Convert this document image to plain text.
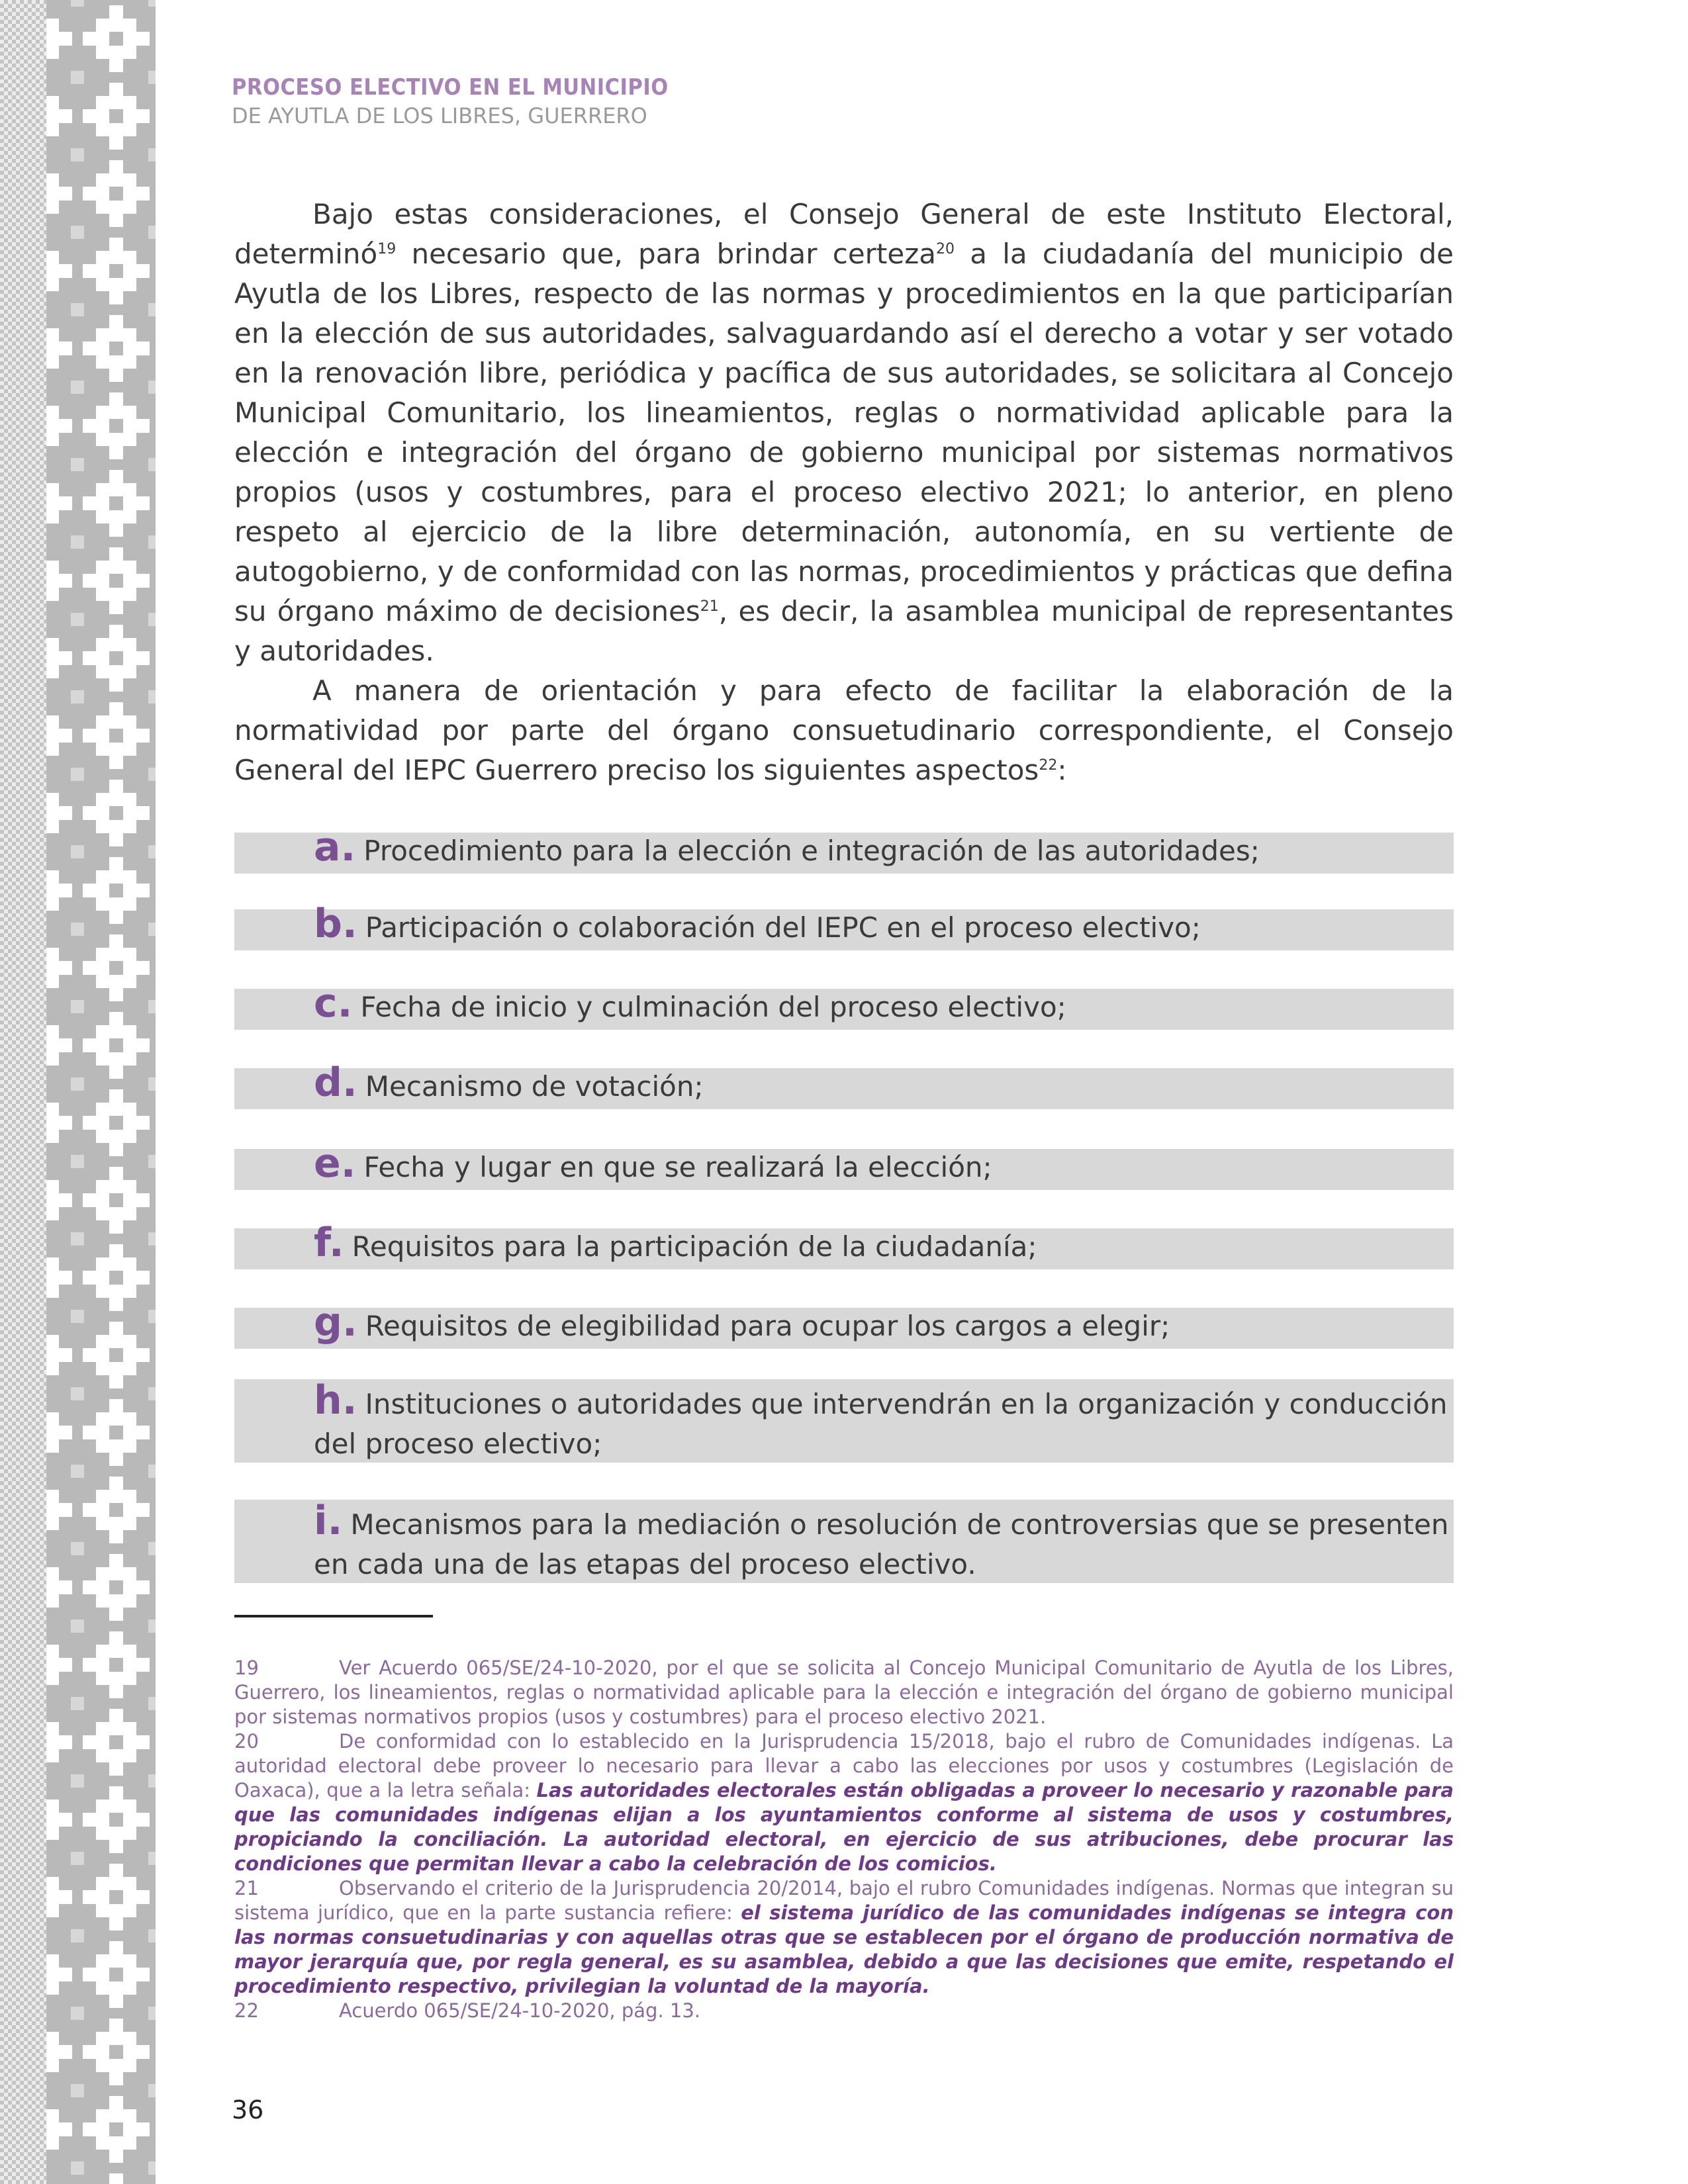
PROCESO ELECTIVO EN EL MUNICIPIO
DE AYUTLA DE LOS LIBRES, GUERRERO
Bajo estas consideraciones, el Consejo General de este Instituto Electoral, determinó$^{19}$ necesario que, para brindar certeza$^{20}$ a la ciudadanía del municipio de Ayutla de los Libres, respecto de las normas y procedimientos en la que participarían en la elección de sus autoridades, salvaguardando así el derecho a votar y ser votado en la renovación libre, periódica y pacífica de sus autoridades, se solicitara al Concejo Municipal Comunitario, los lineamientos, reglas o normatividad aplicable para la elección e integración del órgano de gobierno municipal por sistemas normativos propios (usos y costumbres, para el proceso electivo 2021; lo anterior, en pleno respeto al ejercicio de la libre determinación, autonomía, en su vertiente de autogobierno, y de conformidad con las normas, procedimientos y prácticas que defina su órgano máximo de decisiones$^{21}$, es decir, la asamblea municipal de representantes y autoridades.
A manera de orientación y para efecto de facilitar la elaboración de la normatividad por parte del órgano consuetudinario correspondiente, el Consejo General del IEPC Guerrero preciso los siguientes aspectos$^{22}$:
a. Procedimiento para la elección e integración de las autoridades;
b. Participación o colaboración del IEPC en el proceso electivo;
c. Fecha de inicio y culminación del proceso electivo;
d. Mecanismo de votación;
e. Fecha y lugar en que se realizará la elección;
f. Requisitos para la participación de la ciudadanía;
g. Requisitos de elegibilidad para ocupar los cargos a elegir;
h. Instituciones o autoridades que intervendrán en la organización y conducción
del proceso electivo;
i. Mecanismos para la mediación o resolución de controversias que se presenten
en cada una de las etapas del proceso electivo.

19	Ver Acuerdo 065/SE/24-10-2020, por el que se solicita al Concejo Municipal Comunitario de Ayutla de los Libres, Guerrero, los lineamientos, reglas o normatividad aplicable para la elección e integración del órgano de gobierno municipal por sistemas normativos propios (usos y costumbres) para el proceso electivo 2021.

20	De conformidad con lo establecido en la Jurisprudencia 15/2018, bajo el rubro de Comunidades indígenas. La autoridad electoral debe proveer lo necesario para llevar a cabo las elecciones por usos y costumbres (Legislación de Oaxaca), que a la letra señala: Las autoridades electorales están obligadas a proveer lo necesario y razonable para que las comunidades indígenas elijan a los ayuntamientos conforme al sistema de usos y costumbres, propiciando la conciliación. La autoridad electoral, en ejercicio de sus atribuciones, debe procurar las condiciones que permitan llevar a cabo la celebración de los comicios.

21	Observando el criterio de la Jurisprudencia 20/2014, bajo el rubro Comunidades indígenas. Normas que integran su sistema jurídico, que en la parte sustancia refiere: el sistema jurídico de las comunidades indígenas se integra con las normas consuetudinarias y con aquellas otras que se establecen por el órgano de producción normativa de mayor jerarquía que, por regla general, es su asamblea, debido a que las decisiones que emite, respetando el procedimiento respectivo, privilegian la voluntad de la mayoría.

22	Acuerdo 065/SE/24-10-2020, pág. 13.

36
